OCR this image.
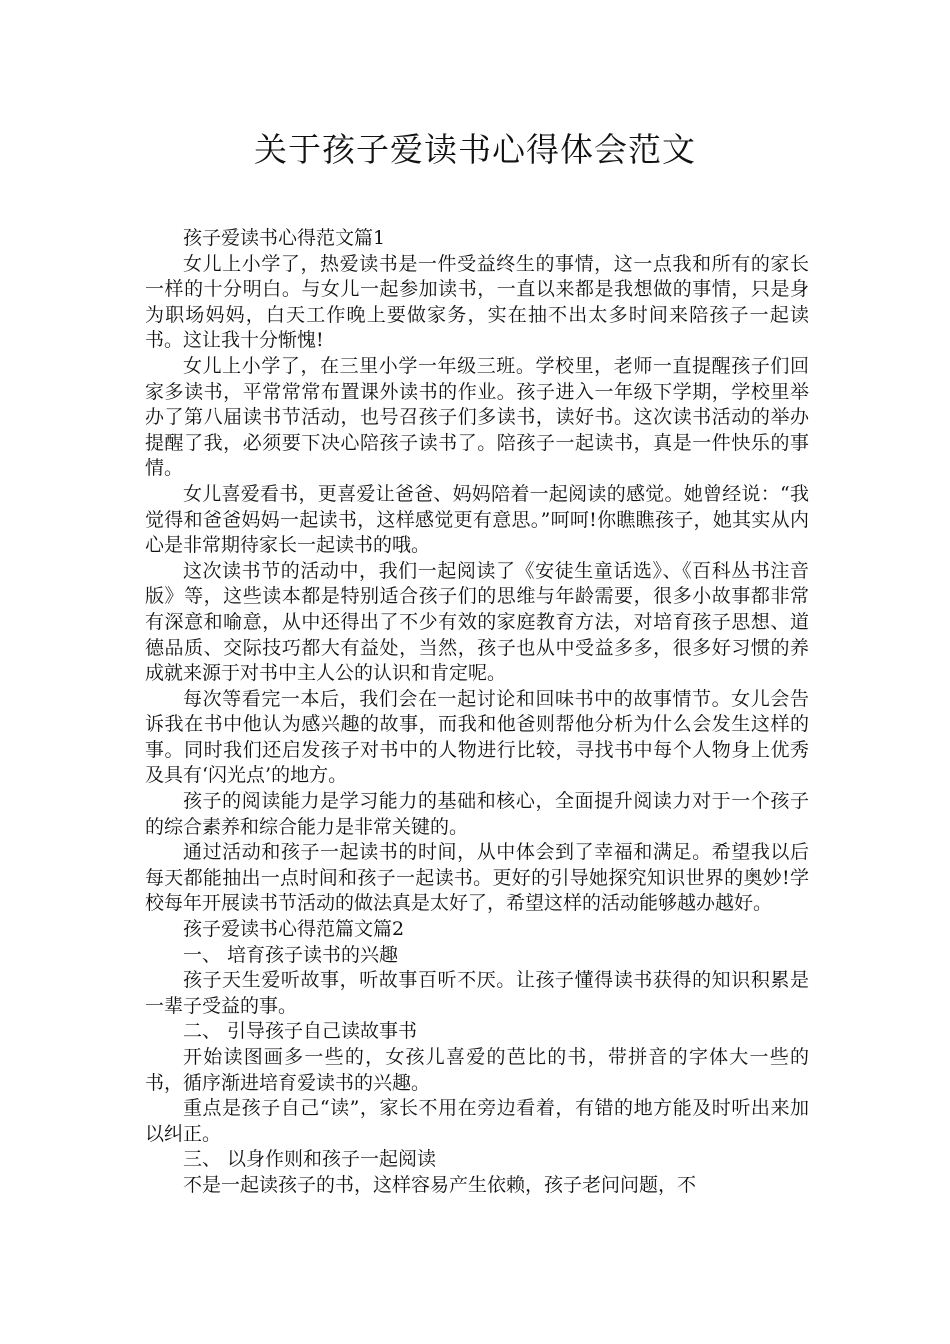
关于孩子爱读书心得体会范文

孩子爱读书心得范文篇1

女儿上小学了，热爱读书是一件受益终生的事情，这一点我和所有的家长一样的十分明白。与女儿一起参加读书，一直以来都是我想做的事情，只是身为职场妈妈，白天工作晚上要做家务，实在抽不出太多时间来陪孩子一起读书。这让我十分惭愧!

女儿上小学了，在三里小学一年级三班。学校里，老师一直提醒孩子们回家多读书，平常常常布置课外读书的作业。孩子进入一年级下学期，学校里举办了第八届读书节活动，也号召孩子们多读书，读好书。这次读书活动的举办提醒了我，必须要下决心陪孩子读书了。陪孩子一起读书，真是一件快乐的事情。

女儿喜爱看书，更喜爱让爸爸、妈妈陪着一起阅读的感觉。她曾经说：“我觉得和爸爸妈妈一起读书，这样感觉更有意思。”呵呵!你瞧瞧孩子，她其实从内心是非常期待家长一起读书的哦。

这次读书节的活动中，我们一起阅读了《安徒生童话选》、《百科丛书注音版》等，这些读本都是特别适合孩子们的思维与年龄需要，很多小故事都非常有深意和喻意，从中还得出了不少有效的家庭教育方法，对培育孩子思想、道德品质、交际技巧都大有益处，当然，孩子也从中受益多多，很多好习惯的养成就来源于对书中主人公的认识和肯定呢。

每次等看完一本后，我们会在一起讨论和回味书中的故事情节。女儿会告诉我在书中他认为感兴趣的故事，而我和他爸则帮他分析为什么会发生这样的事。同时我们还启发孩子对书中的人物进行比较，寻找书中每个人物身上优秀及具有‘闪光点’的地方。

孩子的阅读能力是学习能力的基础和核心，全面提升阅读力对于一个孩子的综合素养和综合能力是非常关键的。

通过活动和孩子一起读书的时间，从中体会到了幸福和满足。希望我以后每天都能抽出一点时间和孩子一起读书。更好的引导她探究知识世界的奥妙!学校每年开展读书节活动的做法真是太好了，希望这样的活动能够越办越好。

孩子爱读书心得范篇文篇2

一、 培育孩子读书的兴趣

孩子天生爱听故事，听故事百听不厌。让孩子懂得读书获得的知识积累是一辈子受益的事。

二、 引导孩子自己读故事书

开始读图画多一些的，女孩儿喜爱的芭比的书，带拼音的字体大一些的书，循序渐进培育爱读书的兴趣。

重点是孩子自己“读”，家长不用在旁边看着，有错的地方能及时听出来加以纠正。

三、 以身作则和孩子一起阅读

不是一起读孩子的书，这样容易产生依赖，孩子老问问题，不
